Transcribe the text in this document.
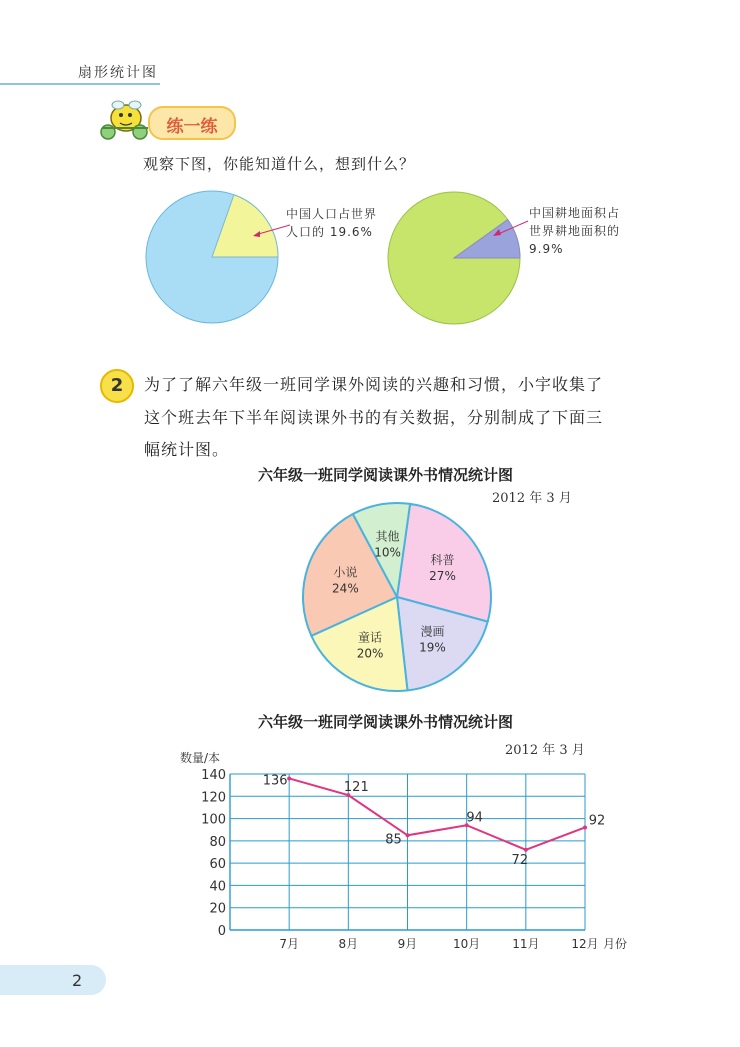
扇形统计图
练一练
观察下图，你能知道什么，想到什么？
中国人口占世界
人口的 19.6%
中国耕地面积占
世界耕地面积的
9.9%
2	为了了解六年级一班同学课外阅读的兴趣和习惯，小宇收集了
这个班去年下半年阅读课外书的有关数据，分别制成了下面三
幅统计图。
六年级一班同学阅读课外书情况统计图
2012 年 3 月
科普
27%
漫画
19%
童话
20%
小说
24%
其他
10%
六年级一班同学阅读课外书情况统计图
2012 年 3 月
0
20
40
60
80
100
120
140
数量/本
月份
7月	8月	9月	10月	11月	12月
136	121
85
94
72
92
2
